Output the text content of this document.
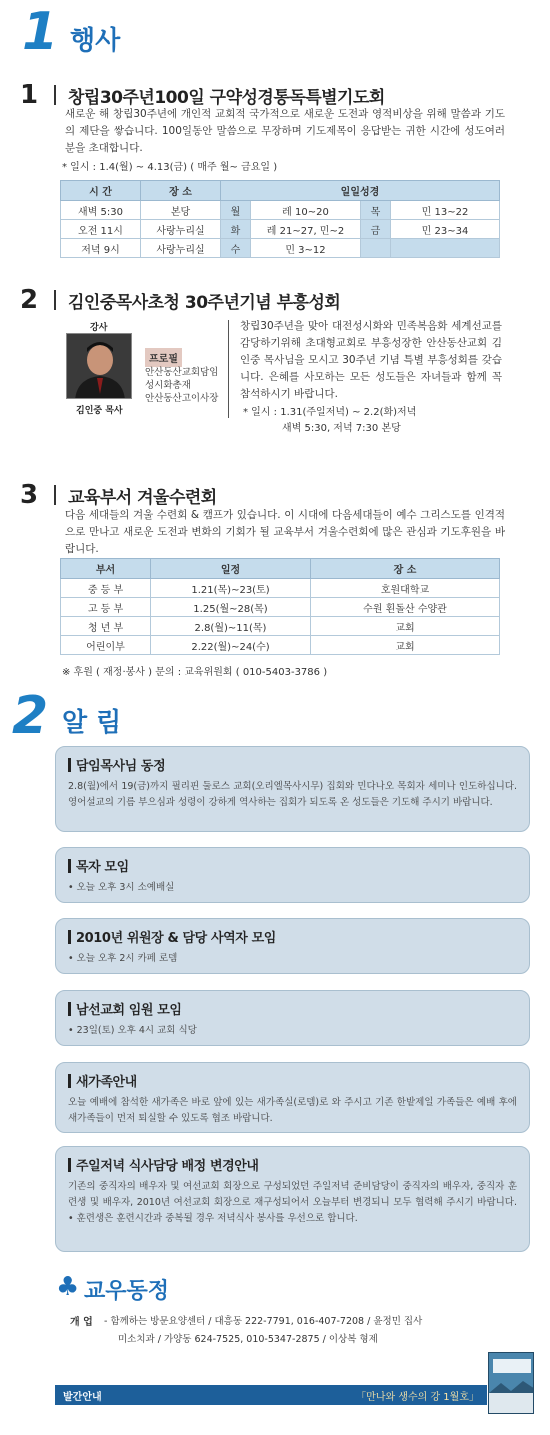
1 행사
1	창립30주년100일 구약성경통독특별기도회
새로운 해 창립30주년에 개인적 교회적 국가적으로 새로운 도전과 영적비상을 위해 말씀과 기도의 제단을 쌓습니다. 100일동안 말씀으로 무장하며 기도제목이 응답받는 귀한 시간에 성도여러분을 초대합니다.
* 일시 : 1.4(월) ~ 4.13(금) ( 매주 월~ 금요일 )
시 간	장 소	일일성경			
새벽 5:30	본당	월	레 10~20	목	민 13~22
오전 11시	사랑누리실	화	레 21~27, 민~2	금	민 23~34
저녁 9시	사랑누리실	수	민 3~12		
2	김인중목사초청 30주년기념 부흥성회
강사
김인중 목사
프로필
안산동산교회담임
성시화총재
안산동산고이사장
창립30주년을 맞아 대전성시화와 민족복음화 세계선교를 감당하기위해 초대형교회로 부흥성장한 안산동산교회 김인중 목사님을 모시고 30주년 기념 특별 부흥성회를 갖습니다. 은혜를 사모하는 모든 성도들은 자녀들과 함께 꼭 참석하시기 바랍니다.
* 일시 : 1.31(주일저녁) ~ 2.2(화)저녁
새벽 5:30, 저녁 7:30 본당
3	교육부서 겨울수련회
다음 세대들의 겨울 수련회 & 캠프가 있습니다. 이 시대에 다음세대들이 예수 그리스도를 인격적으로 만나고 새로운 도전과 변화의 기회가 될 교육부서 겨울수련회에 많은 관심과 기도후원을 바랍니다.
부서	일정	장 소
중 등 부	1.21(목)~23(토)	호원대학교
고 등 부	1.25(월~28(목)	수원 횐돌산 수양관
청 년 부	2.8(월)~11(목)	교회
어린이부	2.22(월)~24(수)	교회
※ 후원 ( 재정·봉사 ) 문의 : 교육위원회 ( 010-5403-3786 )
2 알 림
담임목사님 동정
2.8(월)에서 19(금)까지 필리핀 둘로스 교회(오리엘목사시무) 집회와 민다나오 목회자 세미나 인도하십니다. 영어설교의 기름 부으심과 성령이 강하게 역사하는 집회가 되도록 온 성도들은 기도해 주시기 바랍니다.
목자 모임
• 오늘 오후 3시 소예배실
2010년 위원장 & 담당 사역자 모임
• 오늘 오후 2시 카페 로뎀
남선교회 임원 모임
• 23일(토) 오후 4시 교회 식당
새가족안내
오늘 예배에 참석한 새가족은 바로 앞에 있는 새가족실(로뎀)로 와 주시고 기존 한밭제일 가족들은 예배 후에 새가족들이 먼저 퇴실할 수 있도록 협조 바랍니다.
주일저녁 식사담당 배정 변경안내
기존의 중직자의 배우자 및 여선교회 회장으로 구성되었던 주일저녁 준비담당이 중직자의 배우자, 중직자 훈련생 및 배우자, 2010년 여선교회 회장으로 재구성되어서 오늘부터 변경되니 모두 협력해 주시기 바랍니다. • 훈련생은 훈련시간과 중복될 경우 저녁식사 봉사를 우선으로 합니다.
♣ 교우동정
개 업 - 함께하는 방문요양센터 / 대흥동 222-7791, 016-407-7208 / 윤정민 집사
미소치과 / 가양동 624-7525, 010-5347-2875 / 이상복 형제
발간안내	「만나와 생수의 강 1월호」
